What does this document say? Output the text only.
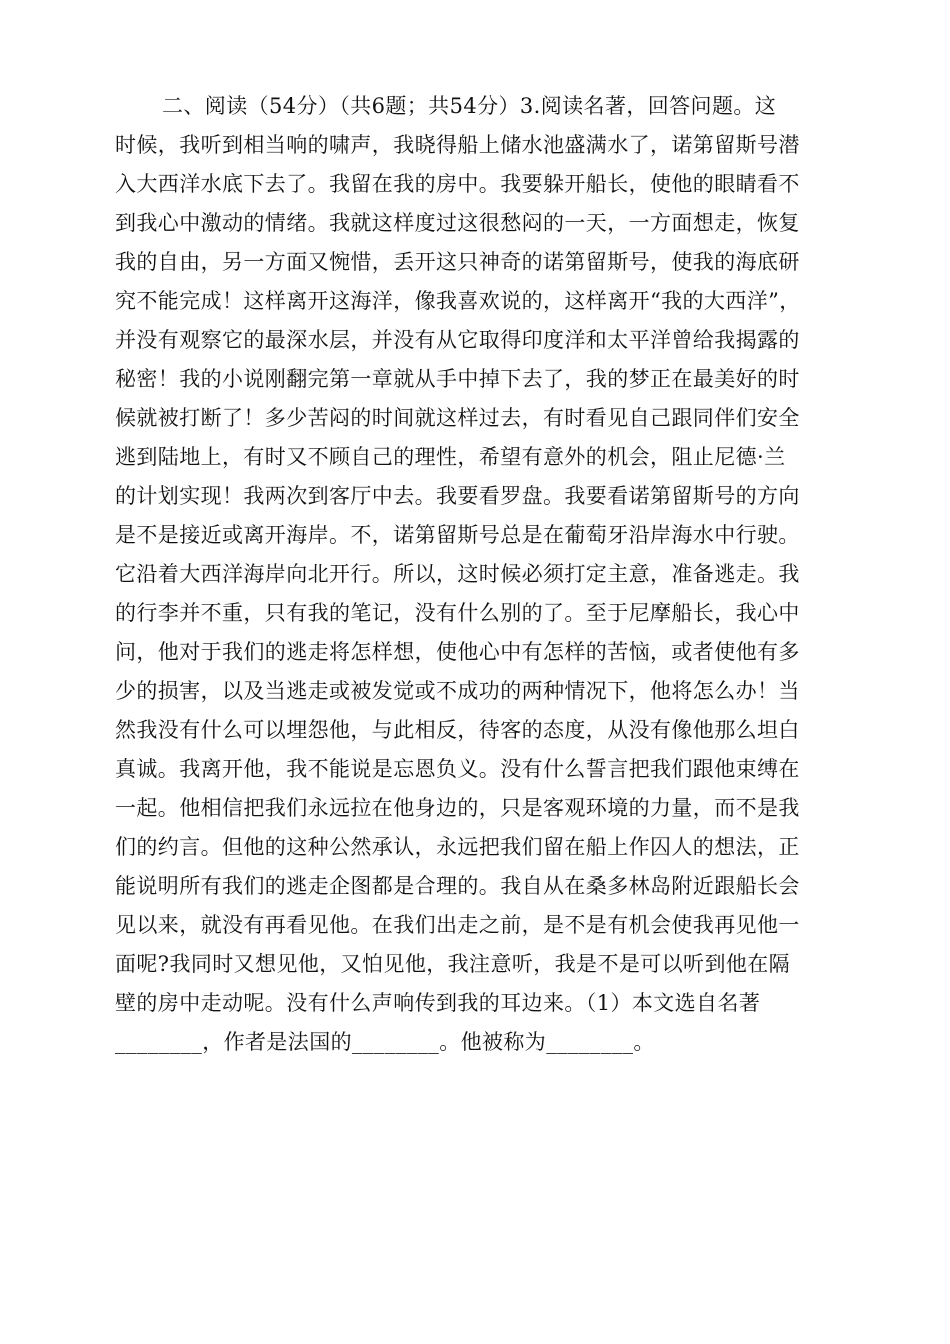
二、阅读（54分）（共6题；共54分）3.阅读名著，回答问题。这
时候，我听到相当响的啸声，我晓得船上储水池盛满水了，诺第留斯号潜
入大西洋水底下去了。我留在我的房中。我要躲开船长，使他的眼睛看不
到我心中激动的情绪。我就这样度过这很愁闷的一天，一方面想走，恢复
我的自由，另一方面又惋惜，丢开这只神奇的诺第留斯号，使我的海底研
究不能完成！这样离开这海洋，像我喜欢说的，这样离开“我的大西洋”，
并没有观察它的最深水层，并没有从它取得印度洋和太平洋曾给我揭露的
秘密！我的小说刚翻完第一章就从手中掉下去了，我的梦正在最美好的时
候就被打断了！多少苦闷的时间就这样过去，有时看见自己跟同伴们安全
逃到陆地上，有时又不顾自己的理性，希望有意外的机会，阻止尼德·兰
的计划实现！我两次到客厅中去。我要看罗盘。我要看诺第留斯号的方向
是不是接近或离开海岸。不，诺第留斯号总是在葡萄牙沿岸海水中行驶。
它沿着大西洋海岸向北开行。所以，这时候必须打定主意，准备逃走。我
的行李并不重，只有我的笔记，没有什么别的了。至于尼摩船长，我心中
问，他对于我们的逃走将怎样想，使他心中有怎样的苦恼，或者使他有多
少的损害，以及当逃走或被发觉或不成功的两种情况下，他将怎么办！当
然我没有什么可以埋怨他，与此相反，待客的态度，从没有像他那么坦白
真诚。我离开他，我不能说是忘恩负义。没有什么誓言把我们跟他束缚在
一起。他相信把我们永远拉在他身边的，只是客观环境的力量，而不是我
们的约言。但他的这种公然承认，永远把我们留在船上作囚人的想法，正
能说明所有我们的逃走企图都是合理的。我自从在桑多林岛附近跟船长会
见以来，就没有再看见他。在我们出走之前，是不是有机会使我再见他一
面呢?我同时又想见他，又怕见他，我注意听，我是不是可以听到他在隔
壁的房中走动呢。没有什么声响传到我的耳边来。（1）本文选自名著
________，作者是法国的________。他被称为________。
